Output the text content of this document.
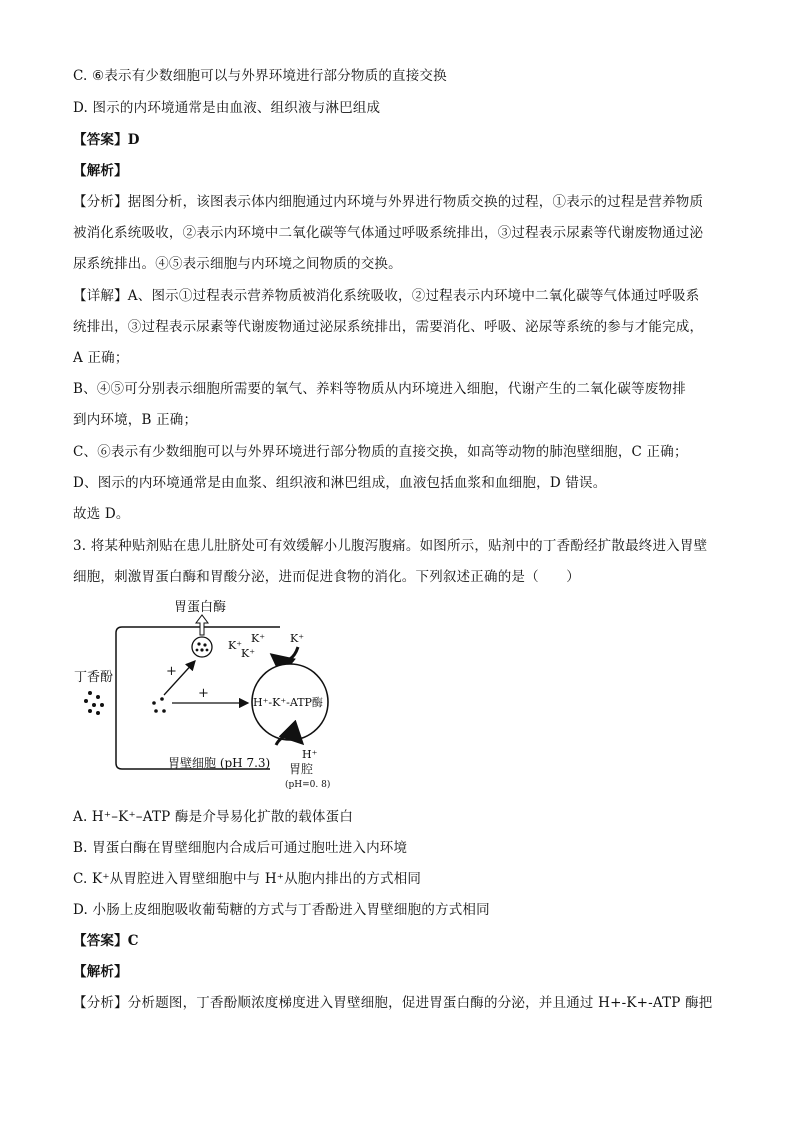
C. ⑥表示有少数细胞可以与外界环境进行部分物质的直接交换
D. 图示的内环境通常是由血液、组织液与淋巴组成
【答案】D
【解析】
【分析】据图分析，该图表示体内细胞通过内环境与外界进行物质交换的过程，①表示的过程是营养物质
被消化系统吸收，②表示内环境中二氧化碳等气体通过呼吸系统排出，③过程表示尿素等代谢废物通过泌
尿系统排出。④⑤表示细胞与内环境之间物质的交换。
【详解】A、图示①过程表示营养物质被消化系统吸收，②过程表示内环境中二氧化碳等气体通过呼吸系
统排出，③过程表示尿素等代谢废物通过泌尿系统排出，需要消化、呼吸、泌尿等系统的参与才能完成，
A 正确；
B、④⑤可分别表示细胞所需要的氧气、养料等物质从内环境进入细胞，代谢产生的二氧化碳等废物排
到内环境，B 正确；
C、⑥表示有少数细胞可以与外界环境进行部分物质的直接交换，如高等动物的肺泡壁细胞，C 正确；
D、图示的内环境通常是由血浆、组织液和淋巴组成，血液包括血浆和血细胞，D 错误。
故选 D。
3. 将某种贴剂贴在患儿肚脐处可有效缓解小儿腹泻腹痛。如图所示，贴剂中的丁香酚经扩散最终进入胃壁
细胞，刺激胃蛋白酶和胃酸分泌，进而促进食物的消化。下列叙述正确的是（　　）
胃蛋白酶
K⁺
K⁺
K⁺
K⁺
H⁺-K⁺-ATP酶
丁香酚	+
+
H⁺
胃壁细胞 (pH 7.3) 胃腔
(pH=0. 8)
A. H⁺–K⁺–ATP 酶是介导易化扩散的载体蛋白
B. 胃蛋白酶在胃壁细胞内合成后可通过胞吐进入内环境
C. K⁺从胃腔进入胃壁细胞中与 H⁺从胞内排出的方式相同
D. 小肠上皮细胞吸收葡萄糖的方式与丁香酚进入胃壁细胞的方式相同
【答案】C
【解析】
【分析】分析题图，丁香酚顺浓度梯度进入胃壁细胞，促进胃蛋白酶的分泌，并且通过 H+-K+-ATP 酶把
